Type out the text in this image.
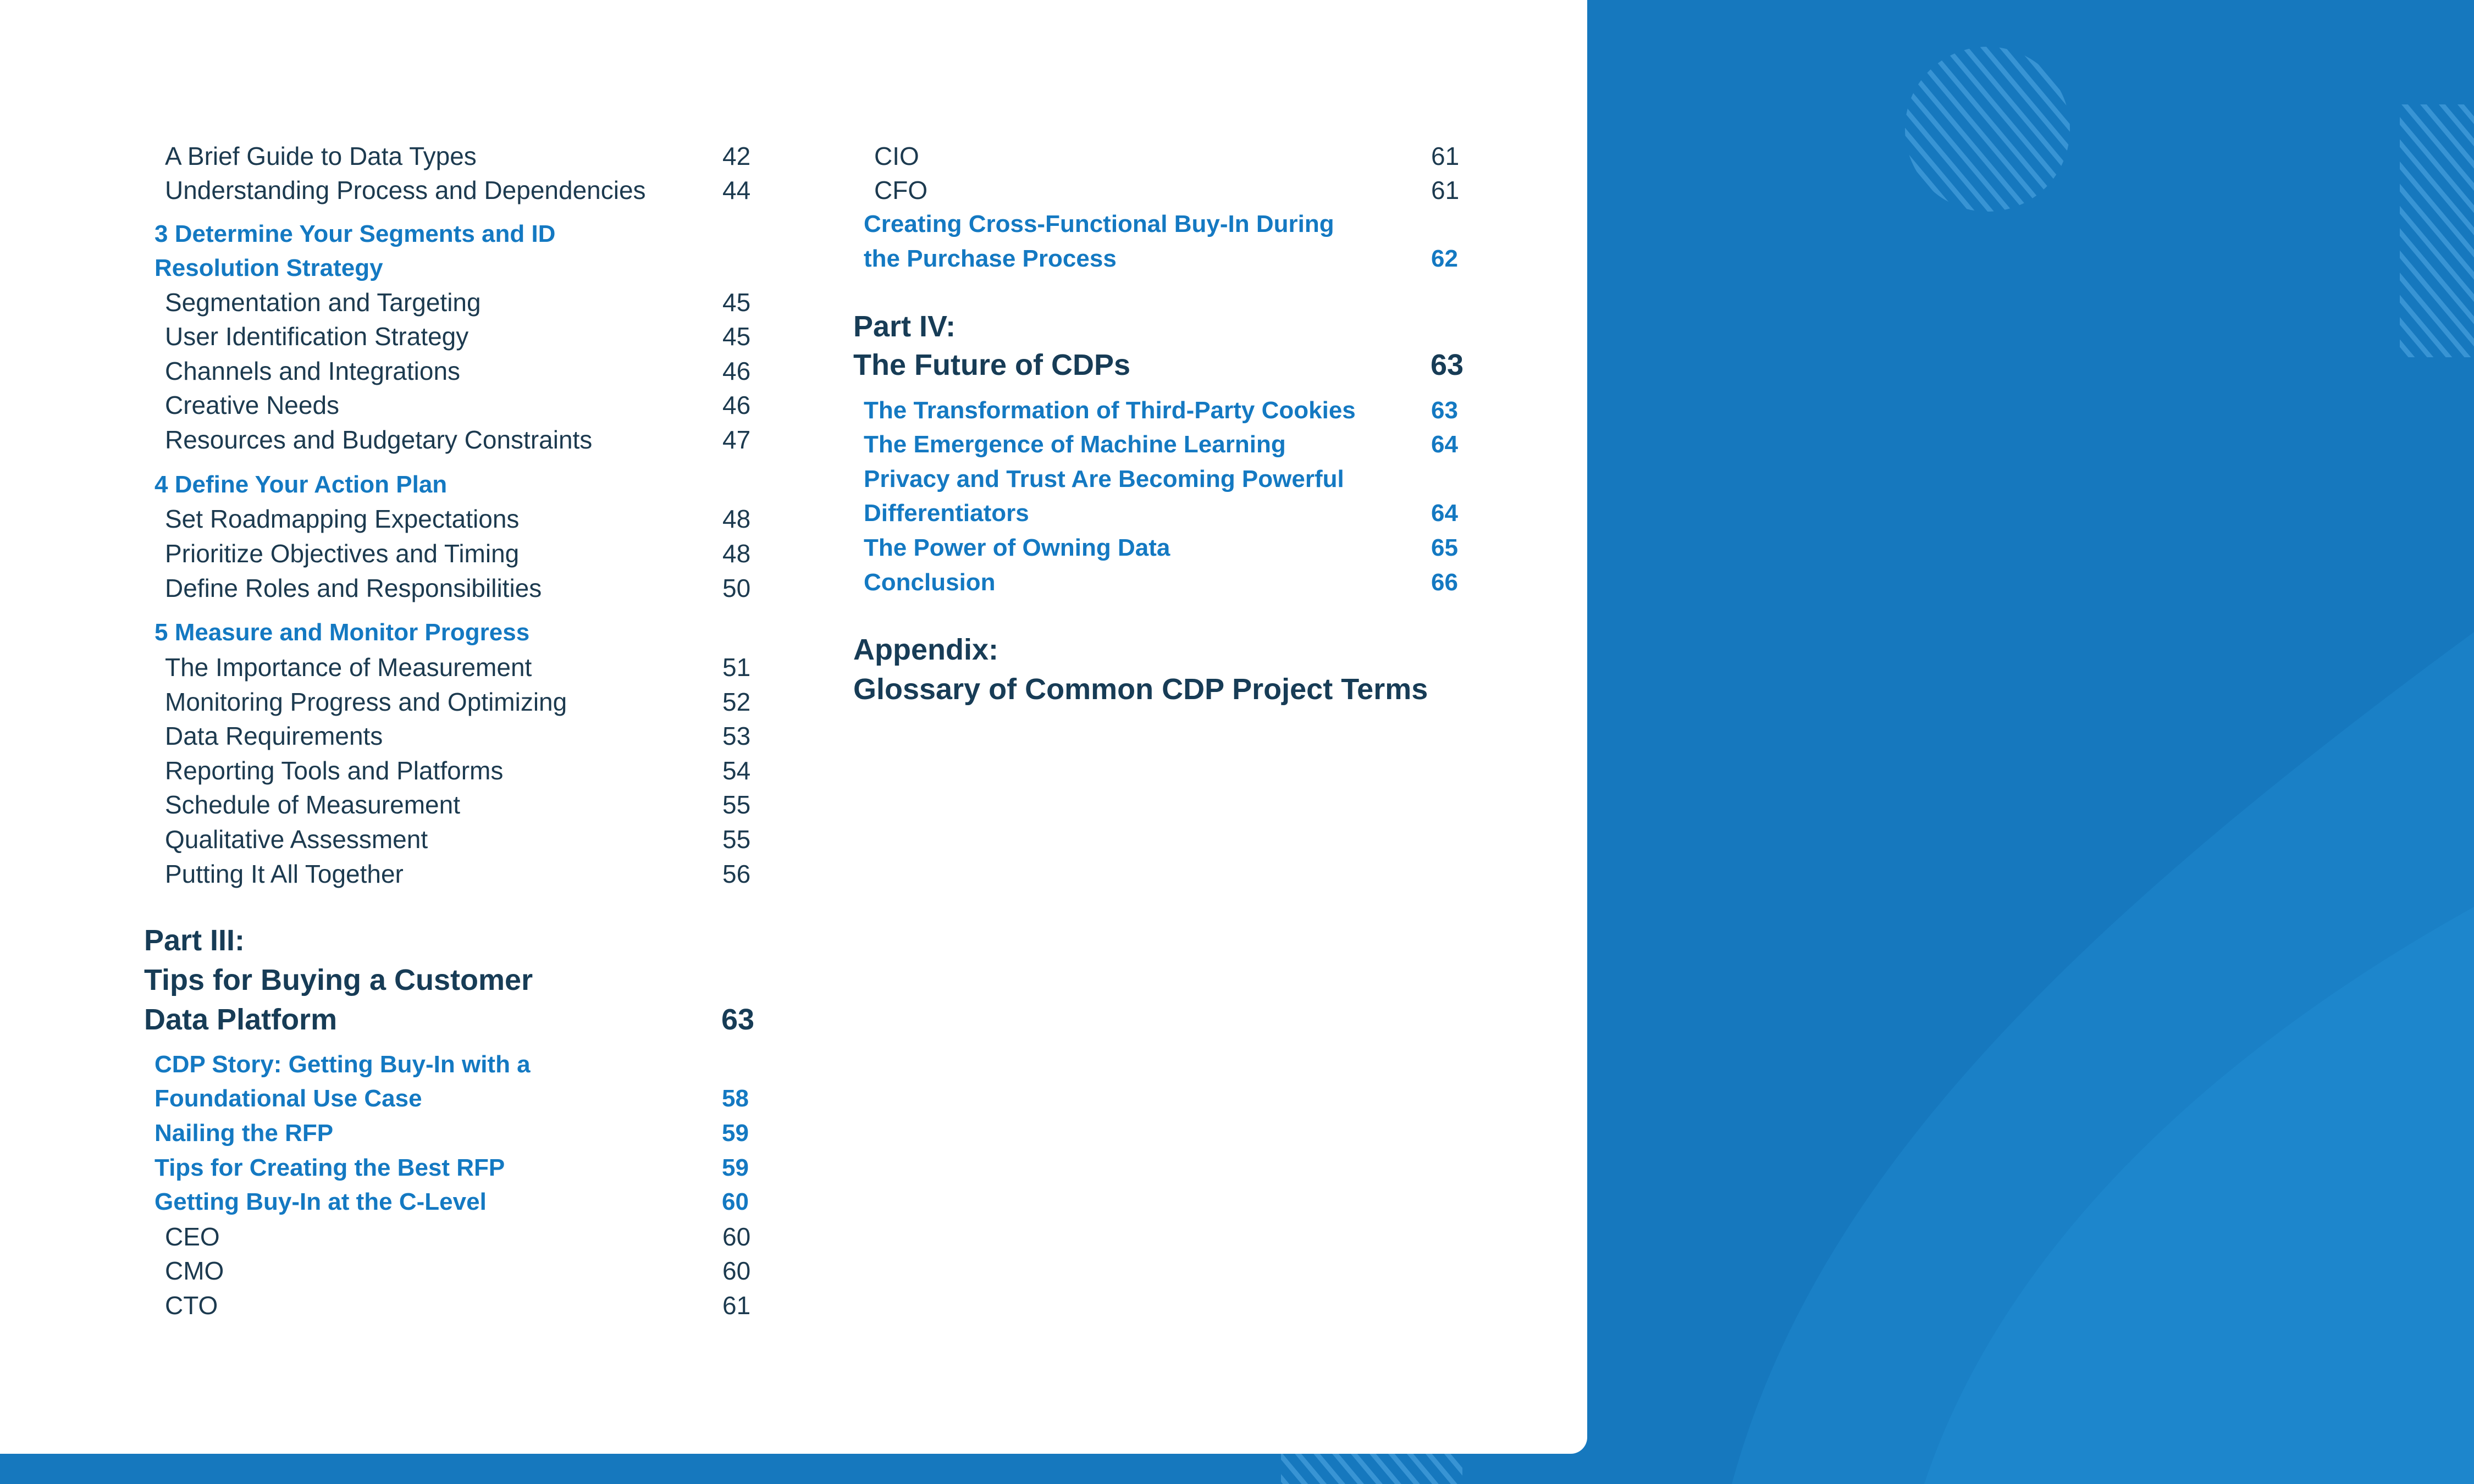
A Brief Guide to Data Types	42
Understanding Process and Dependencies	44
3 Determine Your Segments and ID
Resolution Strategy
Segmentation and Targeting	45
User Identification Strategy	45
Channels and Integrations	46
Creative Needs	46
Resources and Budgetary Constraints	47
4 Define Your Action Plan
Set Roadmapping Expectations	48
Prioritize Objectives and Timing	48
Define Roles and Responsibilities	50
5 Measure and Monitor Progress
The Importance of Measurement	51
Monitoring Progress and Optimizing	52
Data Requirements	53
Reporting Tools and Platforms	54
Schedule of Measurement	55
Qualitative Assessment	55
Putting It All Together	56
Part III:
Tips for Buying a Customer
Data Platform	63
CDP Story: Getting Buy-In with a
Foundational Use Case	58
Nailing the RFP	59
Tips for Creating the Best RFP	59
Getting Buy-In at the C-Level	60
CEO	60
CMO	60
CTO	61
CIO	61
CFO	61
Creating Cross-Functional Buy-In During
the Purchase Process	62
Part IV:
The Future of CDPs	63
The Transformation of Third-Party Cookies	63
The Emergence of Machine Learning	64
Privacy and Trust Are Becoming Powerful
Differentiators	64
The Power of Owning Data	65
Conclusion	66
Appendix:
Glossary of Common CDP Project Terms
